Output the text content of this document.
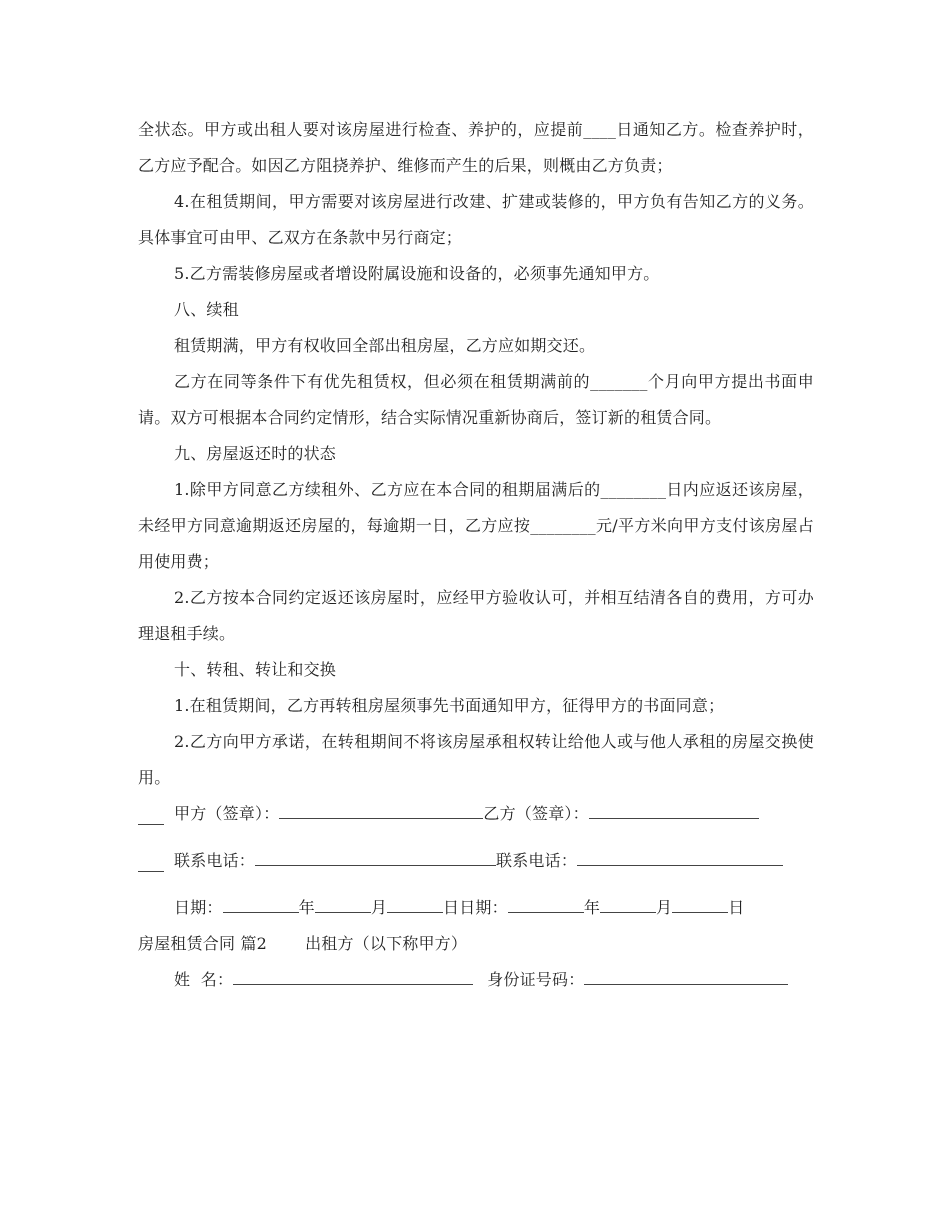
全状态。甲方或出租人要对该房屋进行检查、养护的，应提前____日通知乙方。检查养护时，乙方应予配合。如因乙方阻挠养护、维修而产生的后果，则概由乙方负责；

4.在租赁期间，甲方需要对该房屋进行改建、扩建或装修的，甲方负有告知乙方的义务。具体事宜可由甲、乙双方在条款中另行商定；

5.乙方需装修房屋或者增设附属设施和设备的，必须事先通知甲方。

八、续租

租赁期满，甲方有权收回全部出租房屋，乙方应如期交还。

乙方在同等条件下有优先租赁权，但必须在租赁期满前的_______个月向甲方提出书面申请。双方可根据本合同约定情形，结合实际情况重新协商后，签订新的租赁合同。

九、房屋返还时的状态

1.除甲方同意乙方续租外、乙方应在本合同的租期届满后的________日内应返还该房屋，未经甲方同意逾期返还房屋的，每逾期一日，乙方应按________元/平方米向甲方支付该房屋占用使用费；

2.乙方按本合同约定返还该房屋时，应经甲方验收认可，并相互结清各自的费用，方可办理退租手续。

十、转租、转让和交换

1.在租赁期间，乙方再转租房屋须事先书面通知甲方，征得甲方的书面同意；

2.乙方向甲方承诺，在转租期间不将该房屋承租权转让给他人或与他人承租的房屋交换使用。

甲方（签章）：	乙方（签章）：
联系电话：	联系电话：
日期：	年	月	日日期：	年	月	日
房屋租赁合同 篇2 出租方（以下称甲方）
姓  名：	身份证号码：
